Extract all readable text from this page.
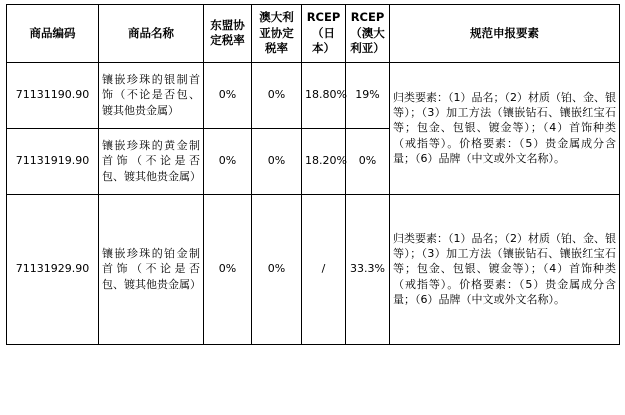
商品编码	商品名称	东盟协定税率	澳大利亚协定税率	RCEP（日本）	RCEP（澳大利亚）	规范申报要素
71131190.90	镶嵌珍珠的银制首饰（不论是否包、镀其他贵金属）	0%	0%	18.80%	19%	归类要素：（1）品名；（2）材质（铂、金、银等）；（3）加工方法（镶嵌钻石、镶嵌红宝石等；包金、包银、镀金等）；（4）首饰种类（戒指等）。价格要素：（5）贵金属成分含量；（6）品牌（中文或外文名称）。
71131919.90	镶嵌珍珠的黄金制首饰（不论是否包、镀其他贵金属）	0%	0%	18.20%	0%	
71131929.90	镶嵌珍珠的铂金制首饰（不论是否包、镀其他贵金属）	0%	0%	/	33.3%	归类要素：（1）品名；（2）材质（铂、金、银等）；（3）加工方法（镶嵌钻石、镶嵌红宝石等；包金、包银、镀金等）；（4）首饰种类（戒指等）。价格要素：（5）贵金属成分含量；（6）品牌（中文或外文名称）。
